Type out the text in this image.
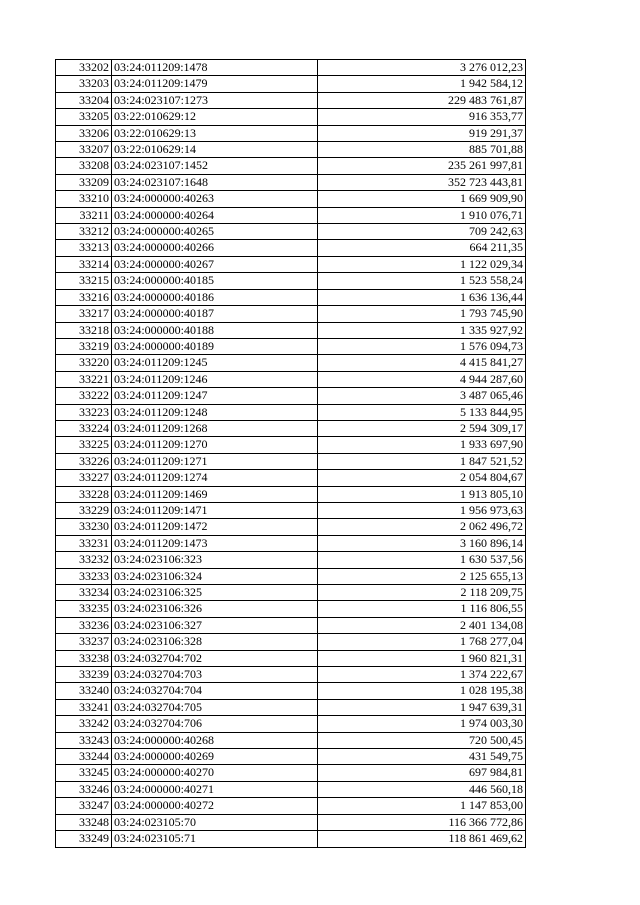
33202	03:24:011209:1478	3 276 012,23
33203	03:24:011209:1479	1 942 584,12
33204	03:24:023107:1273	229 483 761,87
33205	03:22:010629:12	916 353,77
33206	03:22:010629:13	919 291,37
33207	03:22:010629:14	885 701,88
33208	03:24:023107:1452	235 261 997,81
33209	03:24:023107:1648	352 723 443,81
33210	03:24:000000:40263	1 669 909,90
33211	03:24:000000:40264	1 910 076,71
33212	03:24:000000:40265	709 242,63
33213	03:24:000000:40266	664 211,35
33214	03:24:000000:40267	1 122 029,34
33215	03:24:000000:40185	1 523 558,24
33216	03:24:000000:40186	1 636 136,44
33217	03:24:000000:40187	1 793 745,90
33218	03:24:000000:40188	1 335 927,92
33219	03:24:000000:40189	1 576 094,73
33220	03:24:011209:1245	4 415 841,27
33221	03:24:011209:1246	4 944 287,60
33222	03:24:011209:1247	3 487 065,46
33223	03:24:011209:1248	5 133 844,95
33224	03:24:011209:1268	2 594 309,17
33225	03:24:011209:1270	1 933 697,90
33226	03:24:011209:1271	1 847 521,52
33227	03:24:011209:1274	2 054 804,67
33228	03:24:011209:1469	1 913 805,10
33229	03:24:011209:1471	1 956 973,63
33230	03:24:011209:1472	2 062 496,72
33231	03:24:011209:1473	3 160 896,14
33232	03:24:023106:323	1 630 537,56
33233	03:24:023106:324	2 125 655,13
33234	03:24:023106:325	2 118 209,75
33235	03:24:023106:326	1 116 806,55
33236	03:24:023106:327	2 401 134,08
33237	03:24:023106:328	1 768 277,04
33238	03:24:032704:702	1 960 821,31
33239	03:24:032704:703	1 374 222,67
33240	03:24:032704:704	1 028 195,38
33241	03:24:032704:705	1 947 639,31
33242	03:24:032704:706	1 974 003,30
33243	03:24:000000:40268	720 500,45
33244	03:24:000000:40269	431 549,75
33245	03:24:000000:40270	697 984,81
33246	03:24:000000:40271	446 560,18
33247	03:24:000000:40272	1 147 853,00
33248	03:24:023105:70	116 366 772,86
33249	03:24:023105:71	118 861 469,62
